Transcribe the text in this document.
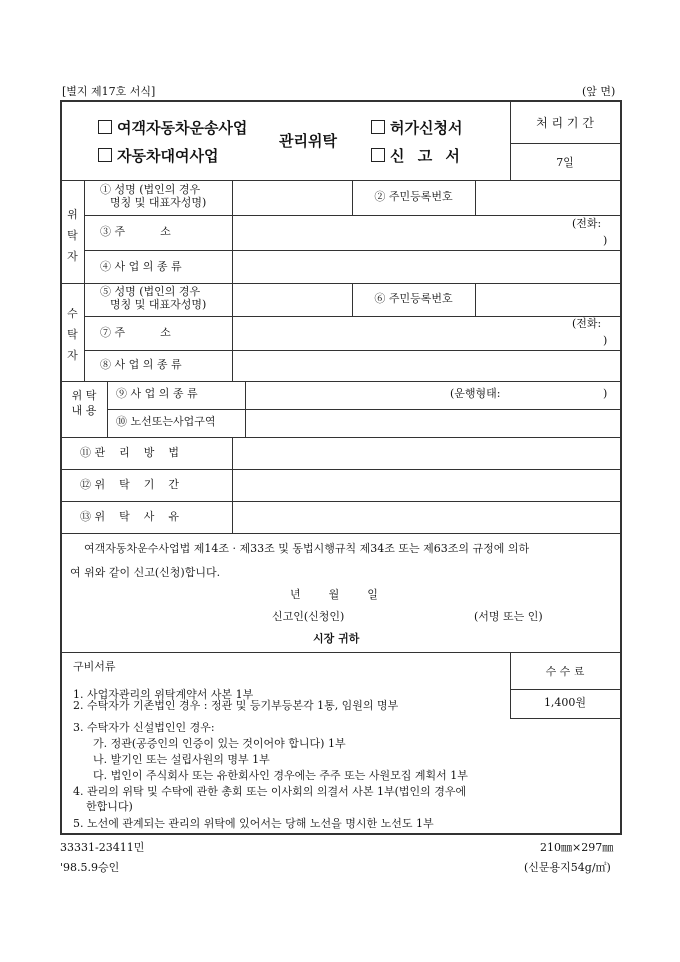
[별지 제17호 서식]	(앞 면)
여객자동차운송사업
자동차대여사업
관리위탁
허가신청서
신 고 서
처 리 기 간
7일
위
탁
자
① 성명 (법인의 경우
명칭 및 대표자성명)	② 주민등록번호
③ 주          소
(전화:
)
④ 사 업 의 종 류
수
탁
자
⑤ 성명 (법인의 경우
명칭 및 대표자성명)	⑥ 주민등록번호
⑦ 주          소
(전화:
)
⑧ 사 업 의 종 류
위 탁
내 용
⑨ 사 업 의 종 류	(운행형태:	)
⑩ 노선또는사업구역
⑪ 관    리    방    법
⑫ 위    탁    기    간
⑬ 위    탁    사    유
여객자동차운수사업법 제14조 · 제33조 및 동법시행규칙 제34조 또는 제63조의 규정에 의하
여 위와 같이 신고(신청)합니다.
년        월        일
신고인(신청인)	(서명 또는 인)
시장 귀하
구비서류
1. 사업자관리의 위탁계약서 사본 1부
2. 수탁자가 기존법인 경우 : 정관 및 등기부등본각 1통, 임원의 명부
3. 수탁자가 신설법인인 경우:
가. 정관(공증인의 인증이 있는 것이어야 합니다) 1부
나. 발기인 또는 설립사원의 명부 1부
다. 법인이 주식회사 또는 유한회사인 경우에는 주주 또는 사원모집 계획서 1부
4. 관리의 위탁 및 수탁에 관한 총회 또는 이사회의 의결서 사본 1부(법인의 경우에
한합니다)
5. 노선에 관계되는 관리의 위탁에 있어서는 당해 노선을 명시한 노선도 1부
수 수 료
1,400원
33331-23411민
'98.5.9승인
210㎜×297㎜
(신문용지54g/㎡)
